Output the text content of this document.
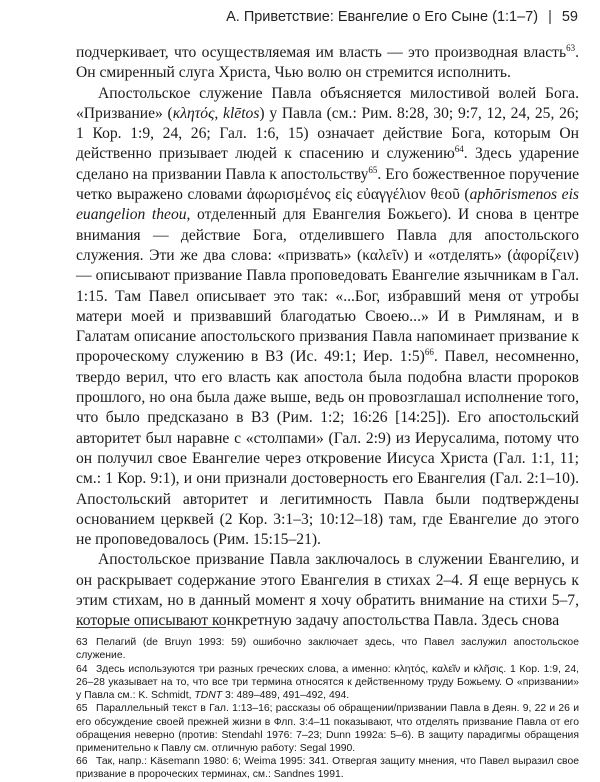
А. Приветствие: Евангелие о Его Сыне (1:1–7) | 59

подчеркивает, что осуществляемая им власть — это производная власть$^{63}$. Он смиренный слуга Христа, Чью волю он стремится исполнить.

Апостольское служение Павла объясняется милостивой волей Бога. «Призвание» (κλητός, klētos) у Павла (см.: Рим. 8:28, 30; 9:7, 12, 24, 25, 26; 1 Кор. 1:9, 24, 26; Гал. 1:6, 15) означает действие Бога, которым Он действенно призывает людей к спасению и служению$^{64}$. Здесь ударение сделано на призвании Павла к апостольству$^{65}$. Его божественное поручение четко выражено словами ἀφωρισμένος εἰς εὐαγγέλιον θεοῦ (aphōrismenos eis euangelion theou, отделенный для Евангелия Божьего). И снова в центре внимания — действие Бога, отделившего Павла для апостольского служения. Эти же два слова: «призвать» (καλεῖν) и «отделять» (ἀφορίζειν) — описывают призвание Павла проповедовать Евангелие язычникам в Гал. 1:15. Там Павел описывает это так: «...Бог, избравший меня от утробы матери моей и призвавший благодатью Своею...» И в Римлянам, и в Галатам описание апостольского призвания Павла напоминает призвание к пророческому служению в ВЗ (Ис. 49:1; Иер. 1:5)$^{66}$. Павел, несомненно, твердо верил, что его власть как апостола была подобна власти пророков прошлого, но она была даже выше, ведь он провозглашал исполнение того, что было предсказано в ВЗ (Рим. 1:2; 16:26 [14:25]). Его апостольский авторитет был наравне с «столпами» (Гал. 2:9) из Иерусалима, потому что он получил свое Евангелие через откровение Иисуса Христа (Гал. 1:1, 11; см.: 1 Кор. 9:1), и они признали достоверность его Евангелия (Гал. 2:1–10). Апостольский авторитет и легитимность Павла были подтверждены основанием церквей (2 Кор. 3:1–3; 10:12–18) там, где Евангелие до этого не проповедовалось (Рим. 15:15–21).

Апостольское призвание Павла заключалось в служении Евангелию, и он раскрывает содержание этого Евангелия в стихах 2–4. Я еще вернусь к этим стихам, но в данный момент я хочу обратить внимание на стихи 5–7, которые описывают конкретную задачу апостольства Павла. Здесь снова

63 Пелагий (de Bruyn 1993: 59) ошибочно заключает здесь, что Павел заслужил апостольское служение.
64 Здесь используются три разных греческих слова, а именно: κλητός, καλεῖν и κλῆσις. 1 Кор. 1:9, 24, 26–28 указывает на то, что все три термина относятся к действенному труду Божьему. О «призвании» у Павла см.: K. Schmidt, TDNT 3: 489–489, 491–492, 494.
65 Параллельный текст в Гал. 1:13–16; рассказы об обращении/призвании Павла в Деян. 9, 22 и 26 и его обсуждение своей прежней жизни в Флп. 3:4–11 показывают, что отделять призвание Павла от его обращения неверно (против: Stendahl 1976: 7–23; Dunn 1992a: 5–6). В защиту парадигмы обращения применительно к Павлу см. отличную работу: Segal 1990.
66 Так, напр.: Käsemann 1980: 6; Weima 1995: 341. Отвергая защиту мнения, что Павел выразил свое призвание в пророческих терминах, см.: Sandnes 1991.
